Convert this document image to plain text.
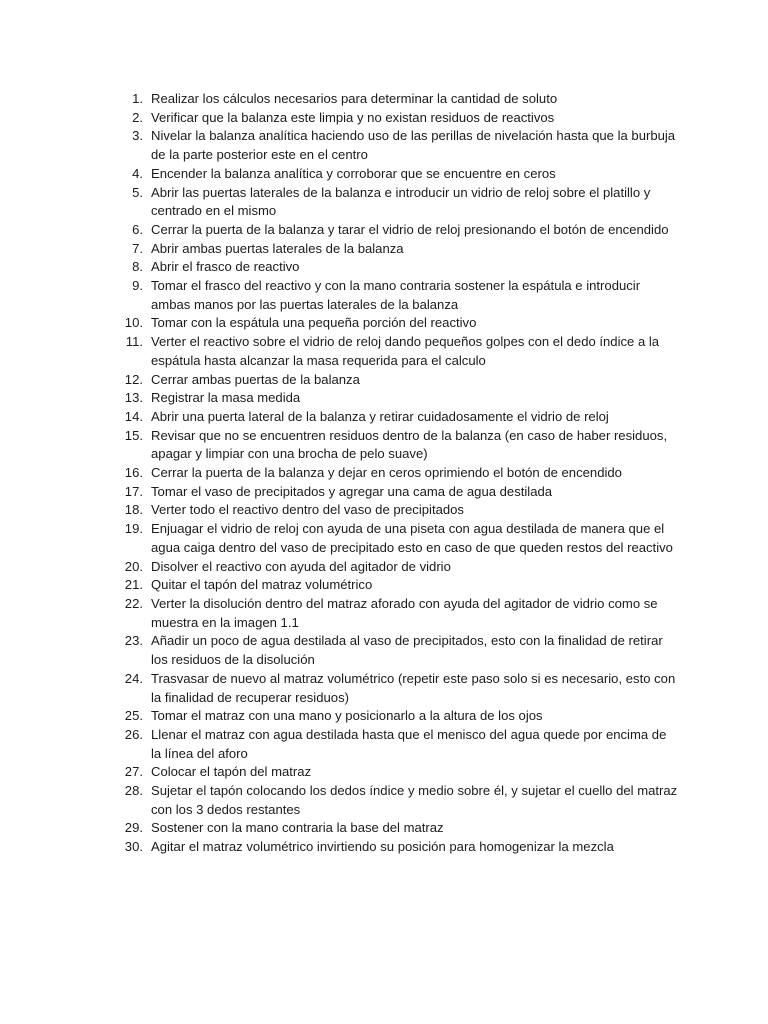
1. Realizar los cálculos necesarios para determinar la cantidad de soluto
2. Verificar que la balanza este limpia y no existan residuos de reactivos
3. Nivelar la balanza analítica haciendo uso de las perillas de nivelación hasta que la burbuja de la parte posterior este en el centro
4. Encender la balanza analítica y corroborar que se encuentre en ceros
5. Abrir las puertas laterales de la balanza e introducir un vidrio de reloj sobre el platillo y centrado en el mismo
6. Cerrar la puerta de la balanza y tarar el vidrio de reloj presionando el botón de encendido
7. Abrir ambas puertas laterales de la balanza
8. Abrir el frasco de reactivo
9. Tomar el frasco del reactivo y con la mano contraria sostener la espátula e introducir ambas manos por las puertas laterales de la balanza
10. Tomar con la espátula una pequeña porción del reactivo
11. Verter el reactivo sobre el vidrio de reloj dando pequeños golpes con el dedo índice a la espátula hasta alcanzar la masa requerida para el calculo
12. Cerrar ambas puertas de la balanza
13. Registrar la masa medida
14. Abrir una puerta lateral de la balanza y retirar cuidadosamente el vidrio de reloj
15. Revisar que no se encuentren residuos dentro de la balanza (en caso de haber residuos, apagar y limpiar con una brocha de pelo suave)
16. Cerrar la puerta de la balanza y dejar en ceros oprimiendo el botón de encendido
17. Tomar el vaso de precipitados y agregar una cama de agua destilada
18. Verter todo el reactivo dentro del vaso de precipitados
19. Enjuagar el vidrio de reloj con ayuda de una piseta con agua destilada de manera que el agua caiga dentro del vaso de precipitado esto en caso de que queden restos del reactivo
20. Disolver el reactivo con ayuda del agitador de vidrio
21. Quitar el tapón del matraz volumétrico
22. Verter la disolución dentro del matraz aforado con ayuda del agitador de vidrio como se muestra en la imagen 1.1
23. Añadir un poco de agua destilada al vaso de precipitados, esto con la finalidad de retirar los residuos de la disolución
24. Trasvasar de nuevo al matraz volumétrico (repetir este paso solo si es necesario, esto con la finalidad de recuperar residuos)
25. Tomar el matraz con una mano y posicionarlo a la altura de los ojos
26. Llenar el matraz con agua destilada hasta que el menisco del agua quede por encima de la línea del aforo
27. Colocar el tapón del matraz
28. Sujetar el tapón colocando los dedos índice y medio sobre él, y sujetar el cuello del matraz con los 3 dedos restantes
29. Sostener con la mano contraria la base del matraz
30. Agitar el matraz volumétrico invirtiendo su posición para homogenizar la mezcla
